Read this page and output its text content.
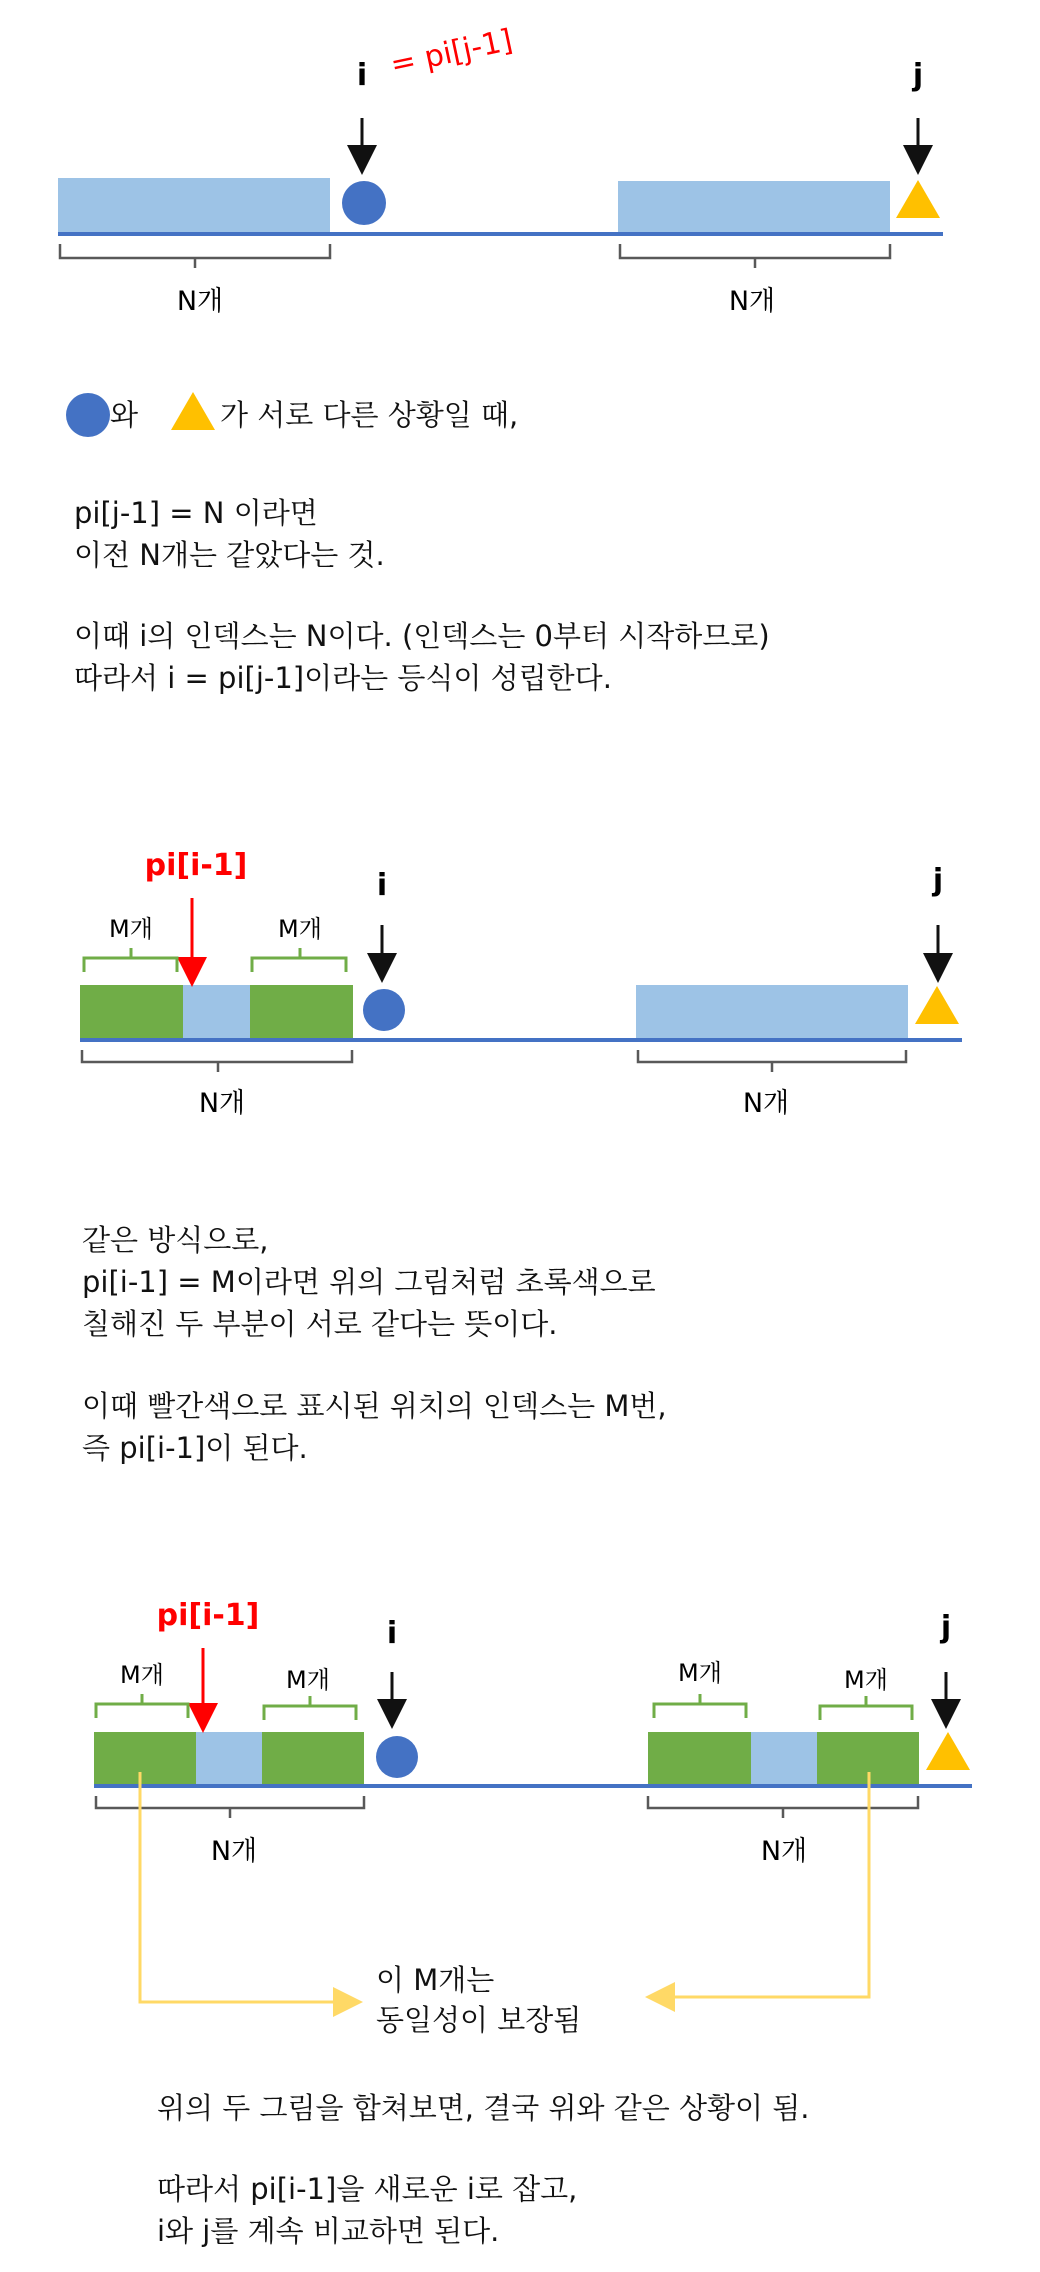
i = pi[j-1]	j
N개	N개
pi[i-1]
M개	M개
i	j
N개	N개
pi[i-1]
M개	M개	M개	M개
i	j
N개	N개
와	가 서로 다른 상황일 때,
pi[j-1] = N 이라면
이전 N개는 같았다는 것.
이때 i의 인덱스는 N이다. (인덱스는 0부터 시작하므로)
따라서 i = pi[j-1]이라는 등식이 성립한다.
같은 방식으로,
pi[i-1] = M이라면 위의 그림처럼 초록색으로
칠해진 두 부분이 서로 같다는 뜻이다.
이때 빨간색으로 표시된 위치의 인덱스는 M번,
즉 pi[i-1]이 된다.
이 M개는
동일성이 보장됨
위의 두 그림을 합쳐보면, 결국 위와 같은 상황이 됨.
따라서 pi[i-1]을 새로운 i로 잡고,
i와 j를 계속 비교하면 된다.
